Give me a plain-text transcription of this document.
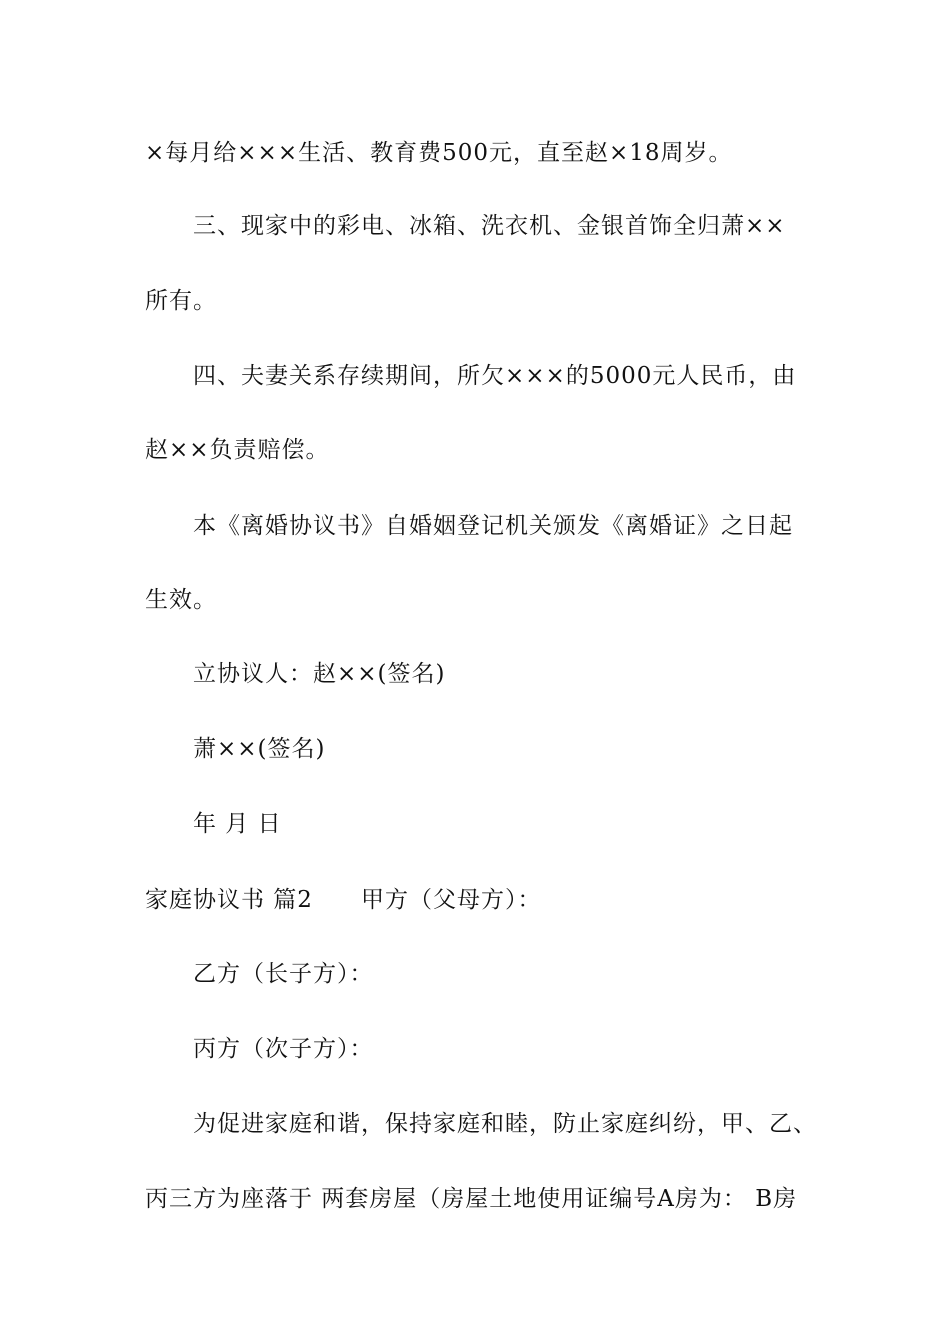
×每月给×××生活、教育费500元，直至赵×18周岁。
三、现家中的彩电、冰箱、洗衣机、金银首饰全归萧××
所有。
四、夫妻关系存续期间，所欠×××的5000元人民币，由
赵××负责赔偿。
本《离婚协议书》自婚姻登记机关颁发《离婚证》之日起
生效。
立协议人：赵××(签名)
萧××(签名)
年 月 日
家庭协议书 篇2 甲方（父母方）：
乙方（长子方）：
丙方（次子方）：
为促进家庭和谐，保持家庭和睦，防止家庭纠纷，甲、乙、
丙三方为座落于 两套房屋（房屋土地使用证编号A房为： B房
